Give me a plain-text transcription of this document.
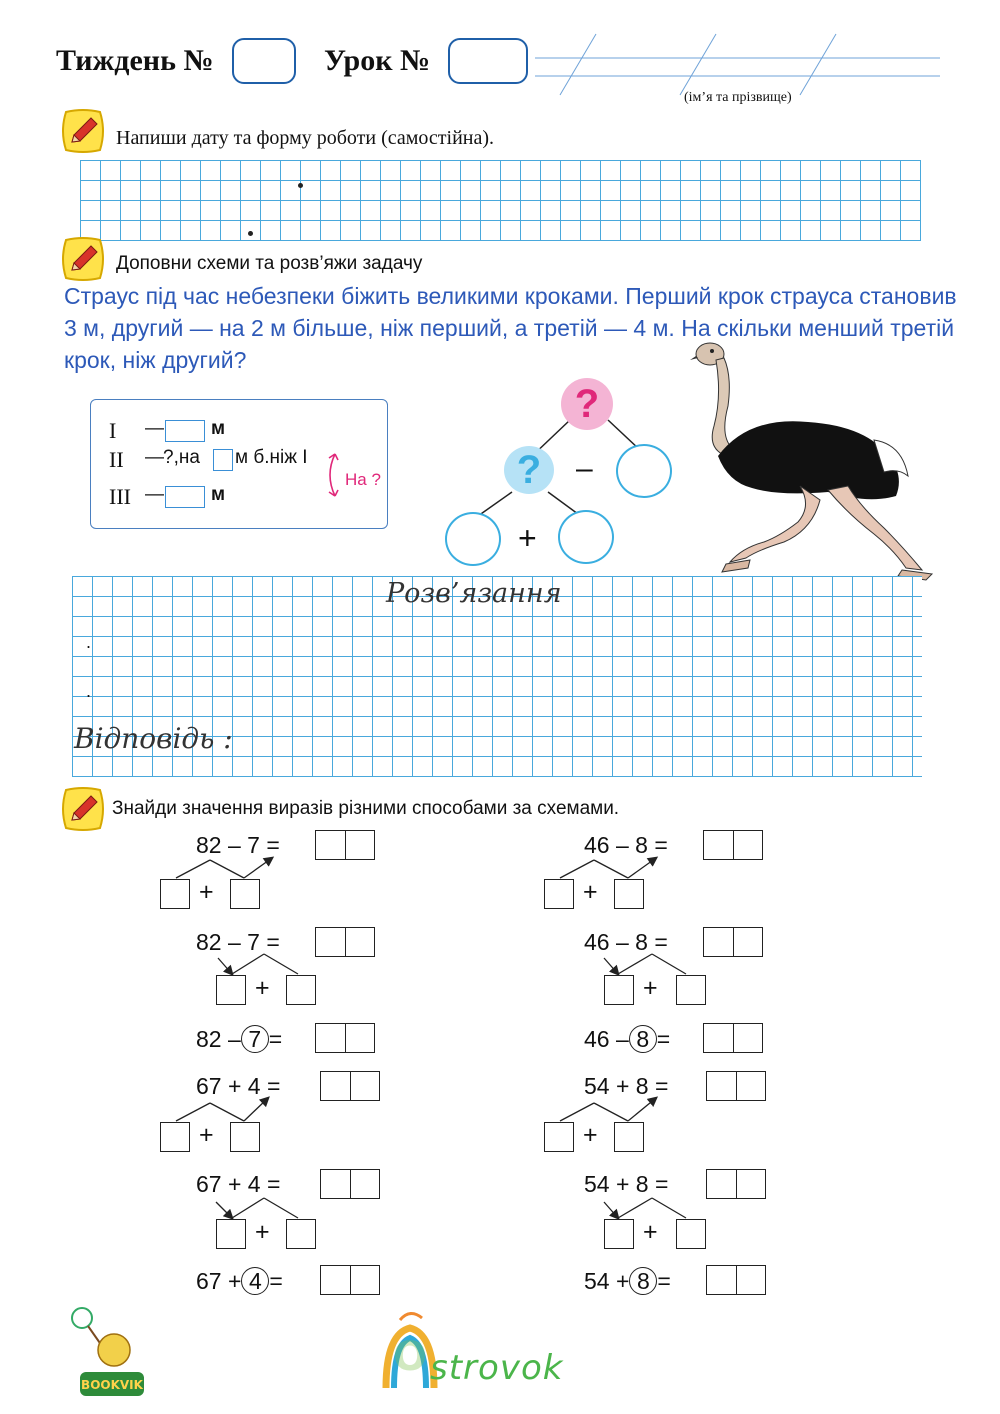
Тиждень №	Урок №
(ім’я та прізвище)
Напиши дату та форму роботи (самостійна).
Доповни схеми та розв’яжи задачу
Страус під час небезпеки біжить великими кроками. Перший крок страуса становив 3 м, другий — на 2 м більше, ніж перший, а третій — 4 м. На скільки менший третій крок, ніж другий?
I — м
II — ?,на м б.ніж I
III — м
На ?
?
?	–
+
Розв’язання
.
.
Відповідь :
Знайди значення виразів різними способами за схемами.
82 – 7 =
+
82 – 7 =
+
82 – 7 =
67 + 4 =
+
67 + 4 =
+
67 + 4 =
46 – 8 =
+
46 – 8 =
+
46 – 8 =
54 + 8 =
+
54 + 8 =
+
54 + 8 =
BOOKVIK
O strovok
